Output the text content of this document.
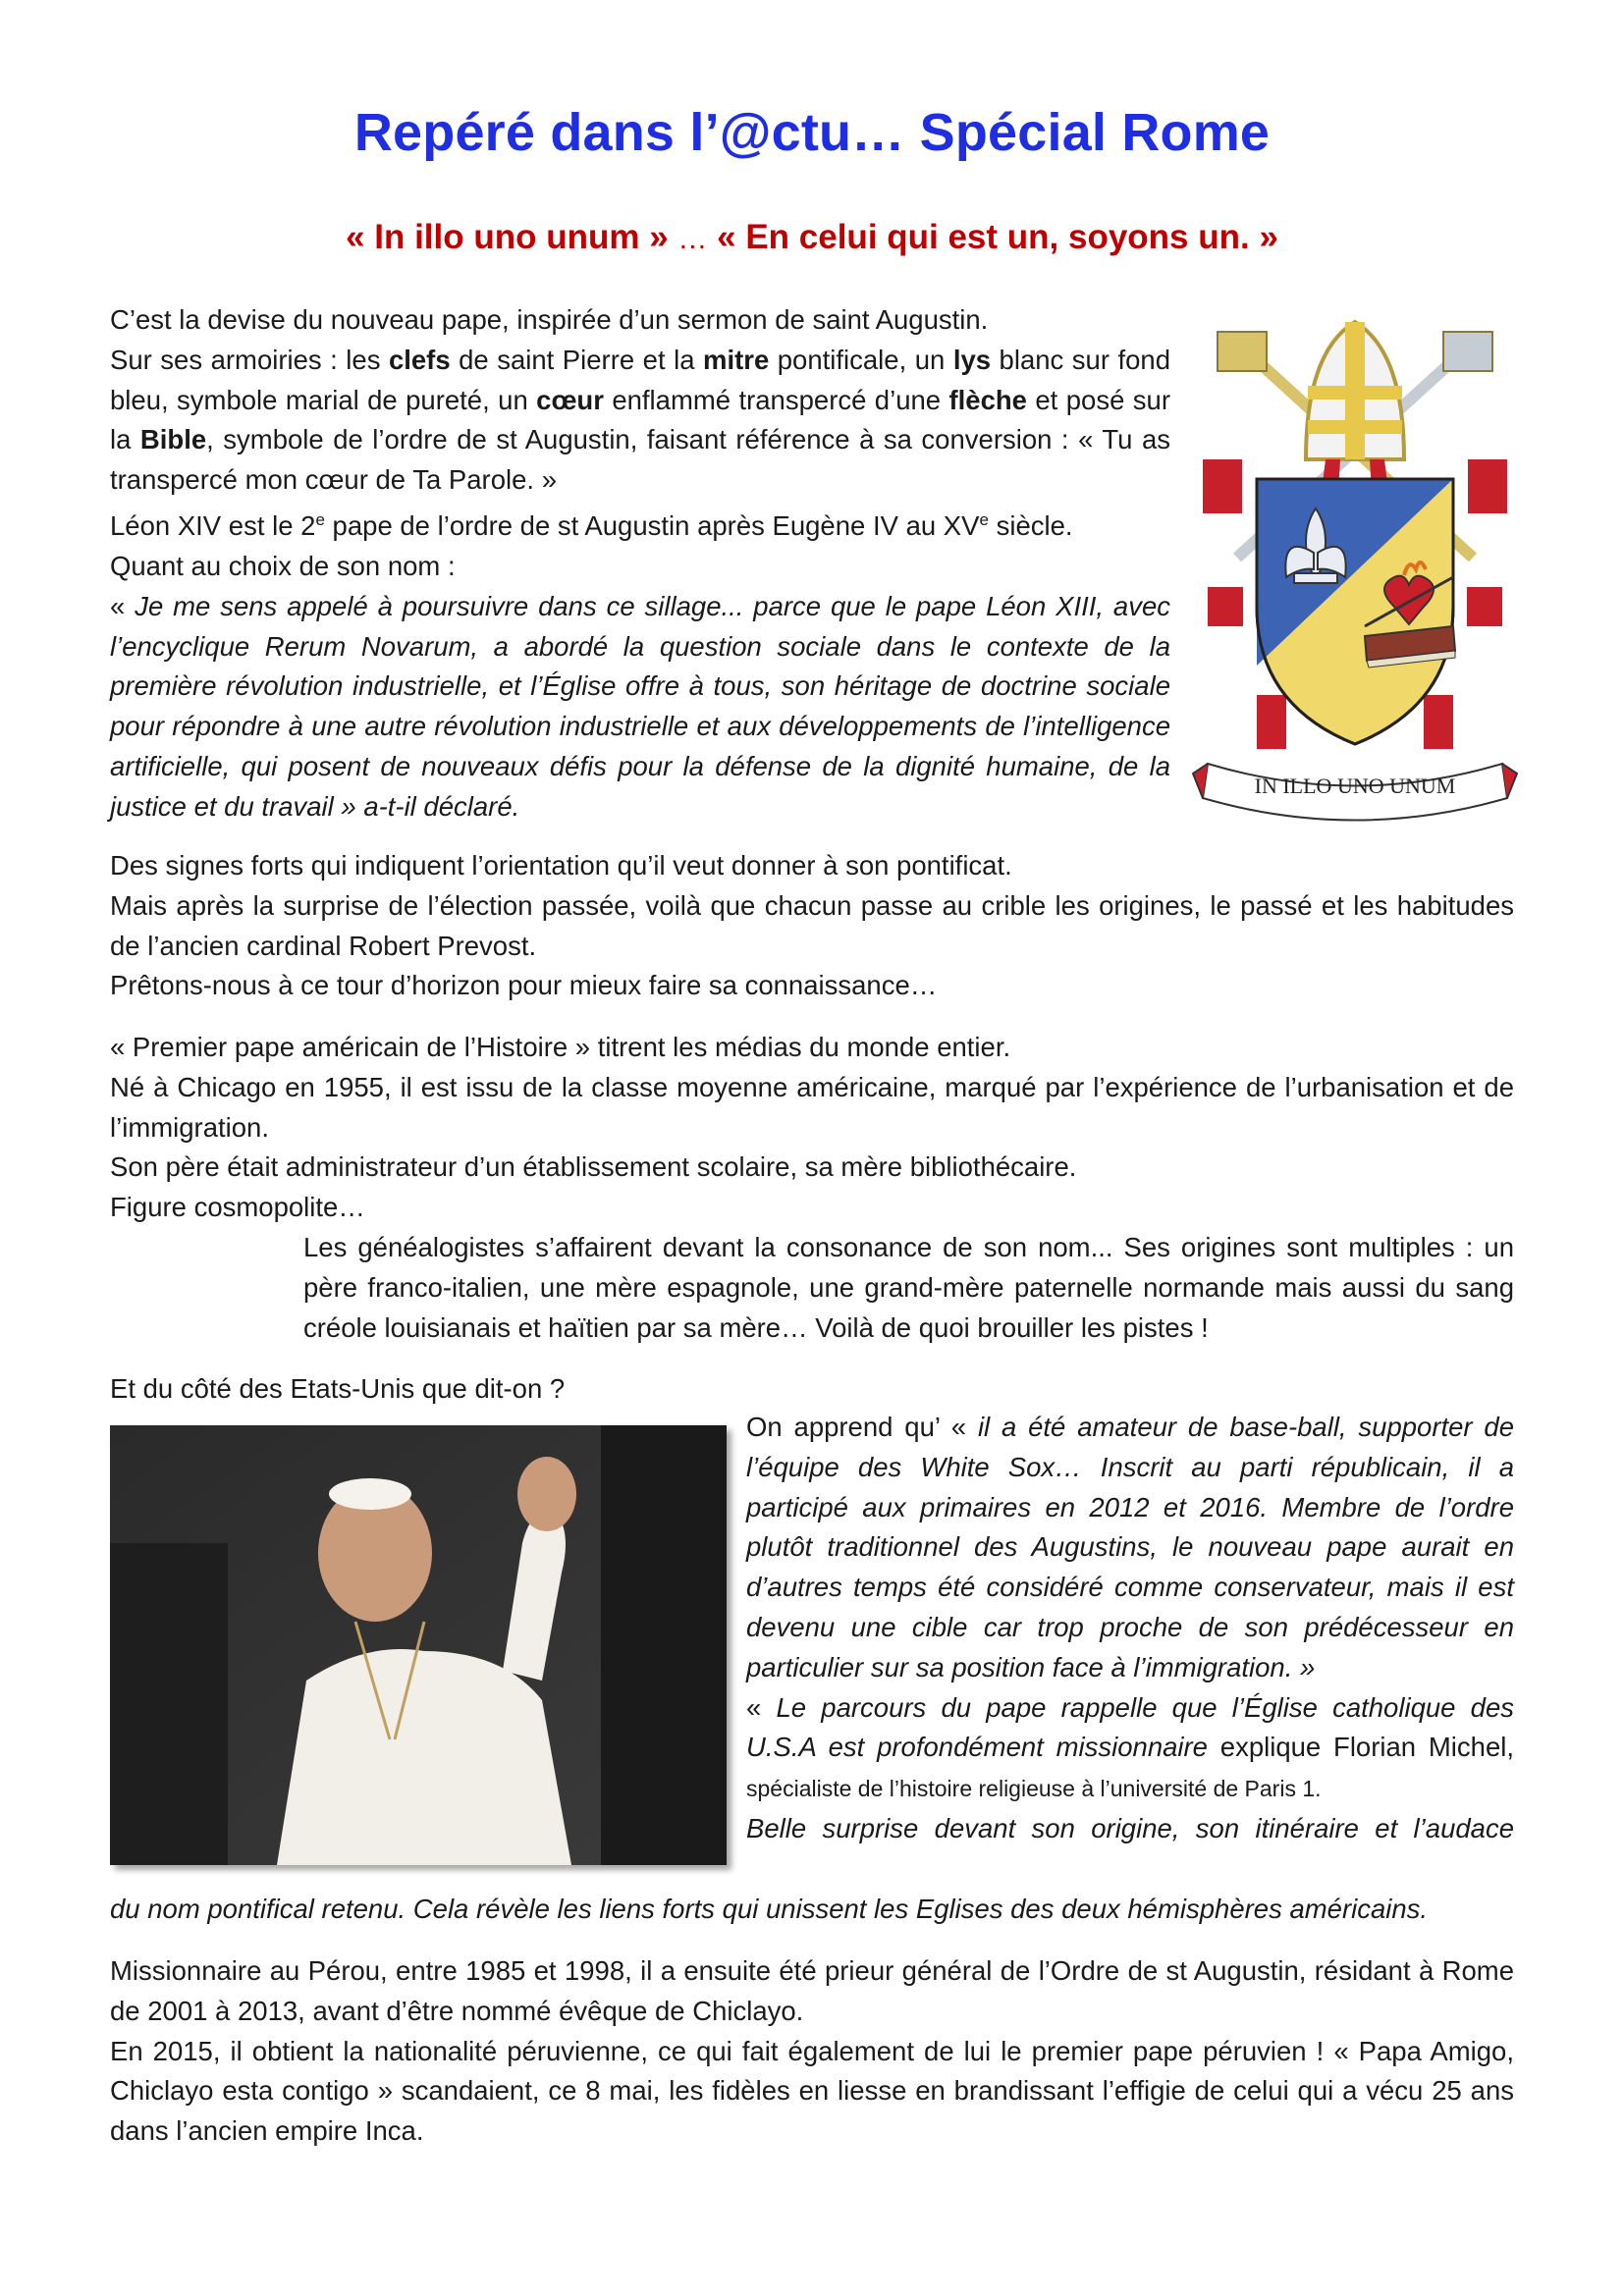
Repéré dans l’@ctu… Spécial Rome
« In illo uno unum » … « En celui qui est un, soyons un. »

C’est la devise du nouveau pape, inspirée d’un sermon de saint Augustin.

Sur ses armoiries : les clefs de saint Pierre et la mitre pontificale, un lys blanc sur fond bleu, symbole marial de pureté, un cœur enflammé transpercé d’une flèche et posé sur la Bible, symbole de l’ordre de st Augustin, faisant référence à sa conversion : « Tu as transpercé mon cœur de Ta Parole. »

Léon XIV est le 2e pape de l’ordre de st Augustin après Eugène IV au XVe siècle.

Quant au choix de son nom :

« Je me sens appelé à poursuivre dans ce sillage... parce que le pape Léon XIII, avec l’encyclique Rerum Novarum, a abordé la question sociale dans le contexte de la première révolution industrielle, et l’Église offre à tous, son héritage de doctrine sociale pour répondre à une autre révolution industrielle et aux développements de l’intelligence artificielle, qui posent de nouveaux défis pour la défense de la dignité humaine, de la justice et du travail » a-t-il déclaré.

IN ILLO UNO UNUM

Des signes forts qui indiquent l’orientation qu’il veut donner à son pontificat.

Mais après la surprise de l’élection passée, voilà que chacun passe au crible les origines, le passé et les habitudes de l’ancien cardinal Robert Prevost.

Prêtons-nous à ce tour d’horizon pour mieux faire sa connaissance…

« Premier pape américain de l’Histoire » titrent les médias du monde entier.

Né à Chicago en 1955, il est issu de la classe moyenne américaine, marqué par l’expérience de l’urbanisation et de l’immigration.

Son père était administrateur d’un établissement scolaire, sa mère bibliothécaire.

Figure cosmopolite…

Les généalogistes s’affairent devant la consonance de son nom... Ses origines sont multiples : un père franco-italien, une mère espagnole, une grand-mère paternelle normande mais aussi du sang créole louisianais et haïtien par sa mère… Voilà de quoi brouiller les pistes !

Et du côté des Etats-Unis que dit-on ?

On apprend qu’ « il a été amateur de base-ball, supporter de l’équipe des White Sox… Inscrit au parti républicain, il a participé aux primaires en 2012 et 2016. Membre de l’ordre plutôt traditionnel des Augustins, le nouveau pape aurait en d’autres temps été considéré comme conservateur, mais il est devenu une cible car trop proche de son prédécesseur en particulier sur sa position face à l’immigration. »

« Le parcours du pape rappelle que l’Église catholique des U.S.A est profondément missionnaire explique Florian Michel, spécialiste de l’histoire religieuse à l’université de Paris 1.

Belle surprise devant son origine, son itinéraire et l’audace

du nom pontifical retenu. Cela révèle les liens forts qui unissent les Eglises des deux hémisphères américains.

Missionnaire au Pérou, entre 1985 et 1998, il a ensuite été prieur général de l’Ordre de st Augustin, résidant à Rome de 2001 à 2013, avant d’être nommé évêque de Chiclayo.

En 2015, il obtient la nationalité péruvienne, ce qui fait également de lui le premier pape péruvien ! « Papa Amigo, Chiclayo esta contigo » scandaient, ce 8 mai, les fidèles en liesse en brandissant l’effigie de celui qui a vécu 25 ans dans l’ancien empire Inca.
